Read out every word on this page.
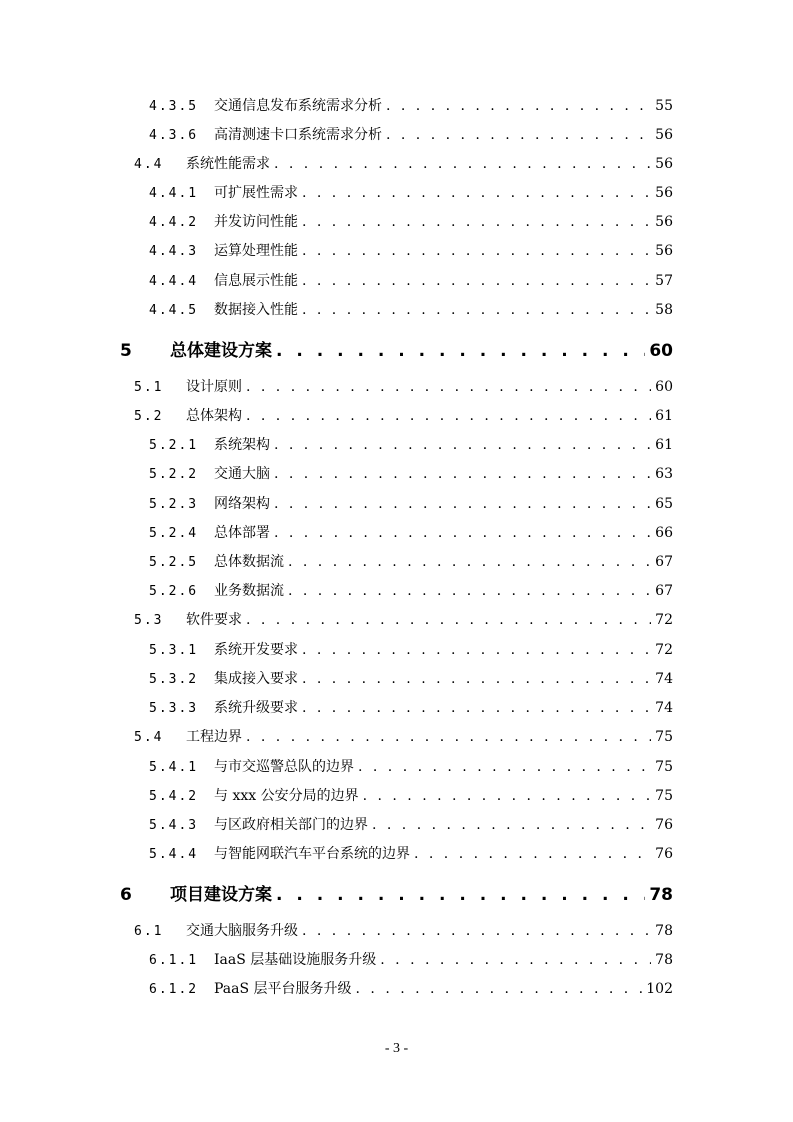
4.3.5	交通信息发布系统需求分析 . . .	55
4.3.6	高清测速卡口系统需求分析 . . .	56
4.4	系统性能需求 . . .	56
4.4.1	可扩展性需求 . . .	56
4.4.2	并发访问性能 . . .	56
4.4.3	运算处理性能 . . .	56
4.4.4	信息展示性能 . . .	57
4.4.5	数据接入性能 . . .	58
5	总体建设方案 . . .	60
5.1	设计原则 . . .	60
5.2	总体架构 . . .	61
5.2.1	系统架构 . . .	61
5.2.2	交通大脑 . . .	63
5.2.3	网络架构 . . .	65
5.2.4	总体部署 . . .	66
5.2.5	总体数据流 . . .	67
5.2.6	业务数据流 . . .	67
5.3	软件要求 . . .	72
5.3.1	系统开发要求 . . .	72
5.3.2	集成接入要求 . . .	74
5.3.3	系统升级要求 . . .	74
5.4	工程边界 . . .	75
5.4.1	与市交巡警总队的边界 . . .	75
5.4.2	与 xxx 公安分局的边界 . . .	75
5.4.3	与区政府相关部门的边界 . . .	76
5.4.4	与智能网联汽车平台系统的边界 . . .	76
6	项目建设方案 . . .	78
6.1	交通大脑服务升级 . . .	78
6.1.1	IaaS 层基础设施服务升级 . . .	78
6.1.2	PaaS 层平台服务升级 . . .	102
- 3 -
